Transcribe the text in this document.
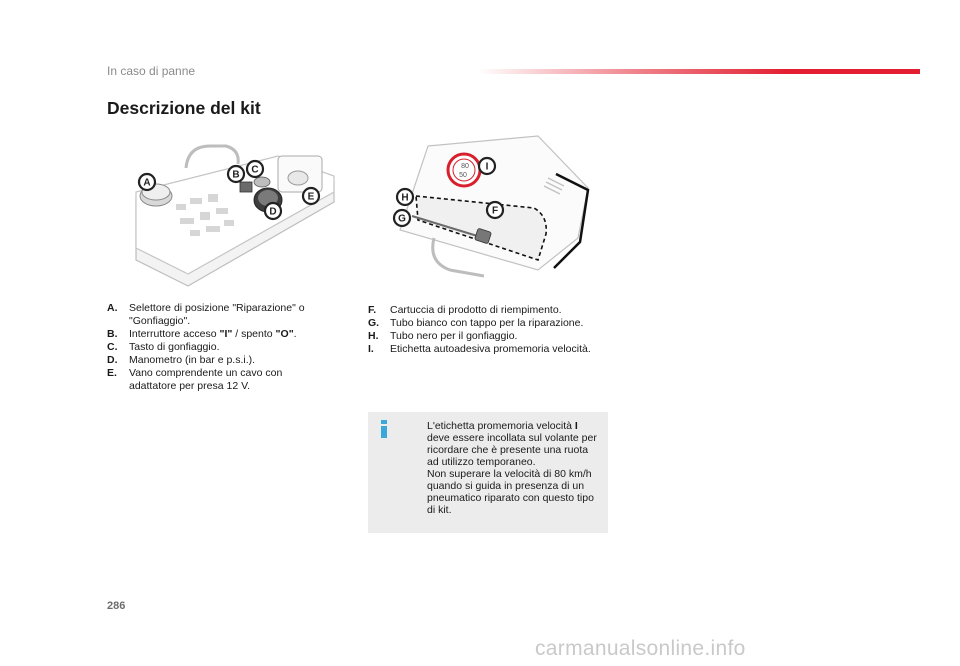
In caso di panne
Descrizione del kit
A
B C
D
E
80
50
I
H
F
G
A. Selettore di posizione "Riparazione" o "Gonfiaggio".
B. Interruttore acceso "I" / spento "O".
C. Tasto di gonfiaggio.
D. Manometro (in bar e p.s.i.).
E. Vano comprendente un cavo con adattatore per presa 12 V.
F. Cartuccia di prodotto di riempimento.
G. Tubo bianco con tappo per la riparazione.
H. Tubo nero per il gonfiaggio.
I. Etichetta autoadesiva promemoria velocità.
L'etichetta promemoria velocità I
deve essere incollata sul volante per ricordare che è presente una ruota ad utilizzo temporaneo.
Non superare la velocità di 80 km/h quando si guida in presenza di un pneumatico riparato con questo tipo di kit.
286
carmanualsonline.info
